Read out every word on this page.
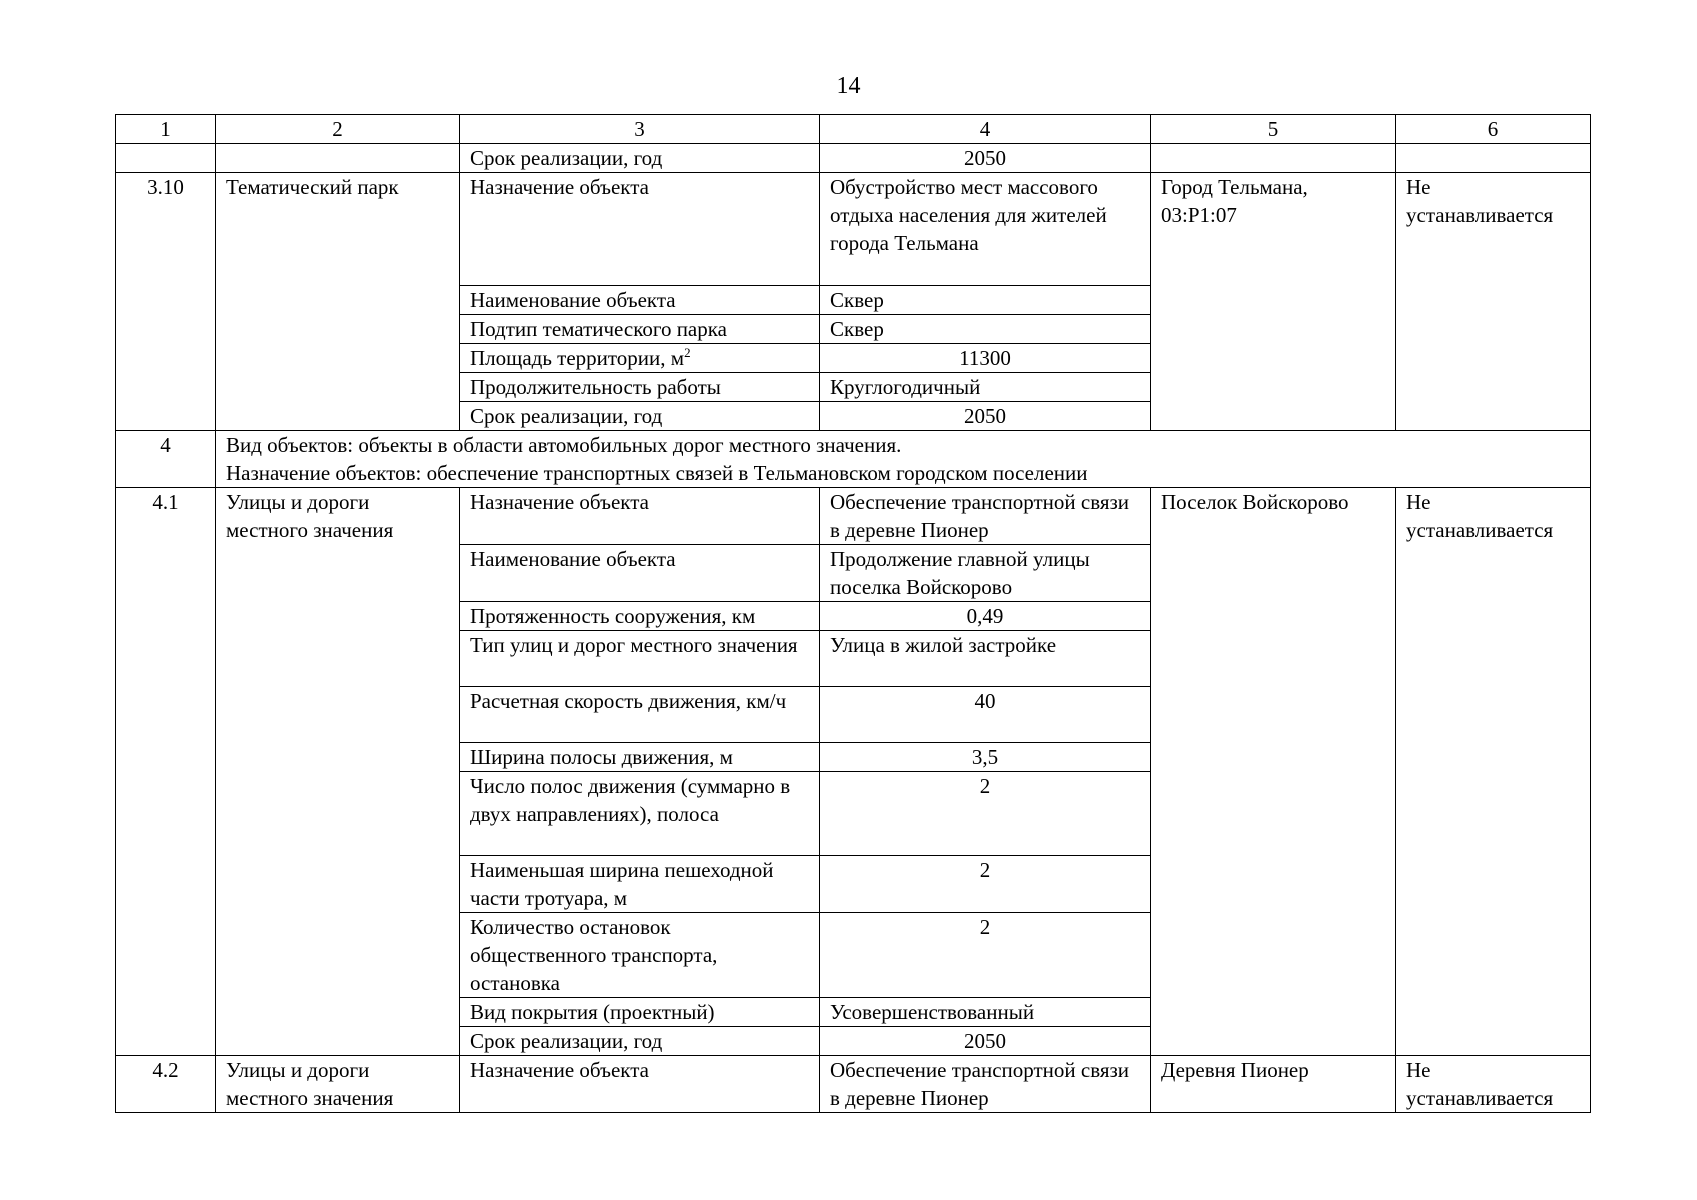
14
1	2	3	4	5	6
		Срок реализации, год	2050		
3.10	Тематический парк	Назначение объекта	Обустройство мест массового отдыха населения для жителей города Тельмана	Город Тельмана, 03:Р1:07	Не устанавливается
		Наименование объекта	Сквер		
		Подтип тематического парка	Сквер		
		Площадь территории, $м^2$	11300		
		Продолжительность работы	Круглогодичный		
		Срок реализации, год	2050		
4	Вид объектов: объекты в области автомобильных дорог местного значения.
Назначение объектов: обеспечение транспортных связей в Тельмановском городском поселении				

4.1	Улицы и дороги местного значения	Назначение объекта	Обеспечение транспортной связи в деревне Пионер	Поселок Войскорово	Не устанавливается
		Наименование объекта	Продолжение главной улицы поселка Войскорово		
		Протяженность сооружения, км	0,49		
		Тип улиц и дорог местного значения	Улица в жилой застройке		
		Расчетная скорость движения, км/ч	40		
		Ширина полосы движения, м	3,5		
		Число полос движения (суммарно в двух направлениях), полоса	2		
		Наименьшая ширина пешеходной части тротуара, м	2		
		Количество остановок общественного транспорта, остановка	2		
		Вид покрытия (проектный)	Усовершенствованный		
		Срок реализации, год	2050		
4.2	Улицы и дороги местного значения	Назначение объекта	Обеспечение транспортной связи в деревне Пионер	Деревня Пионер	Не устанавливается
